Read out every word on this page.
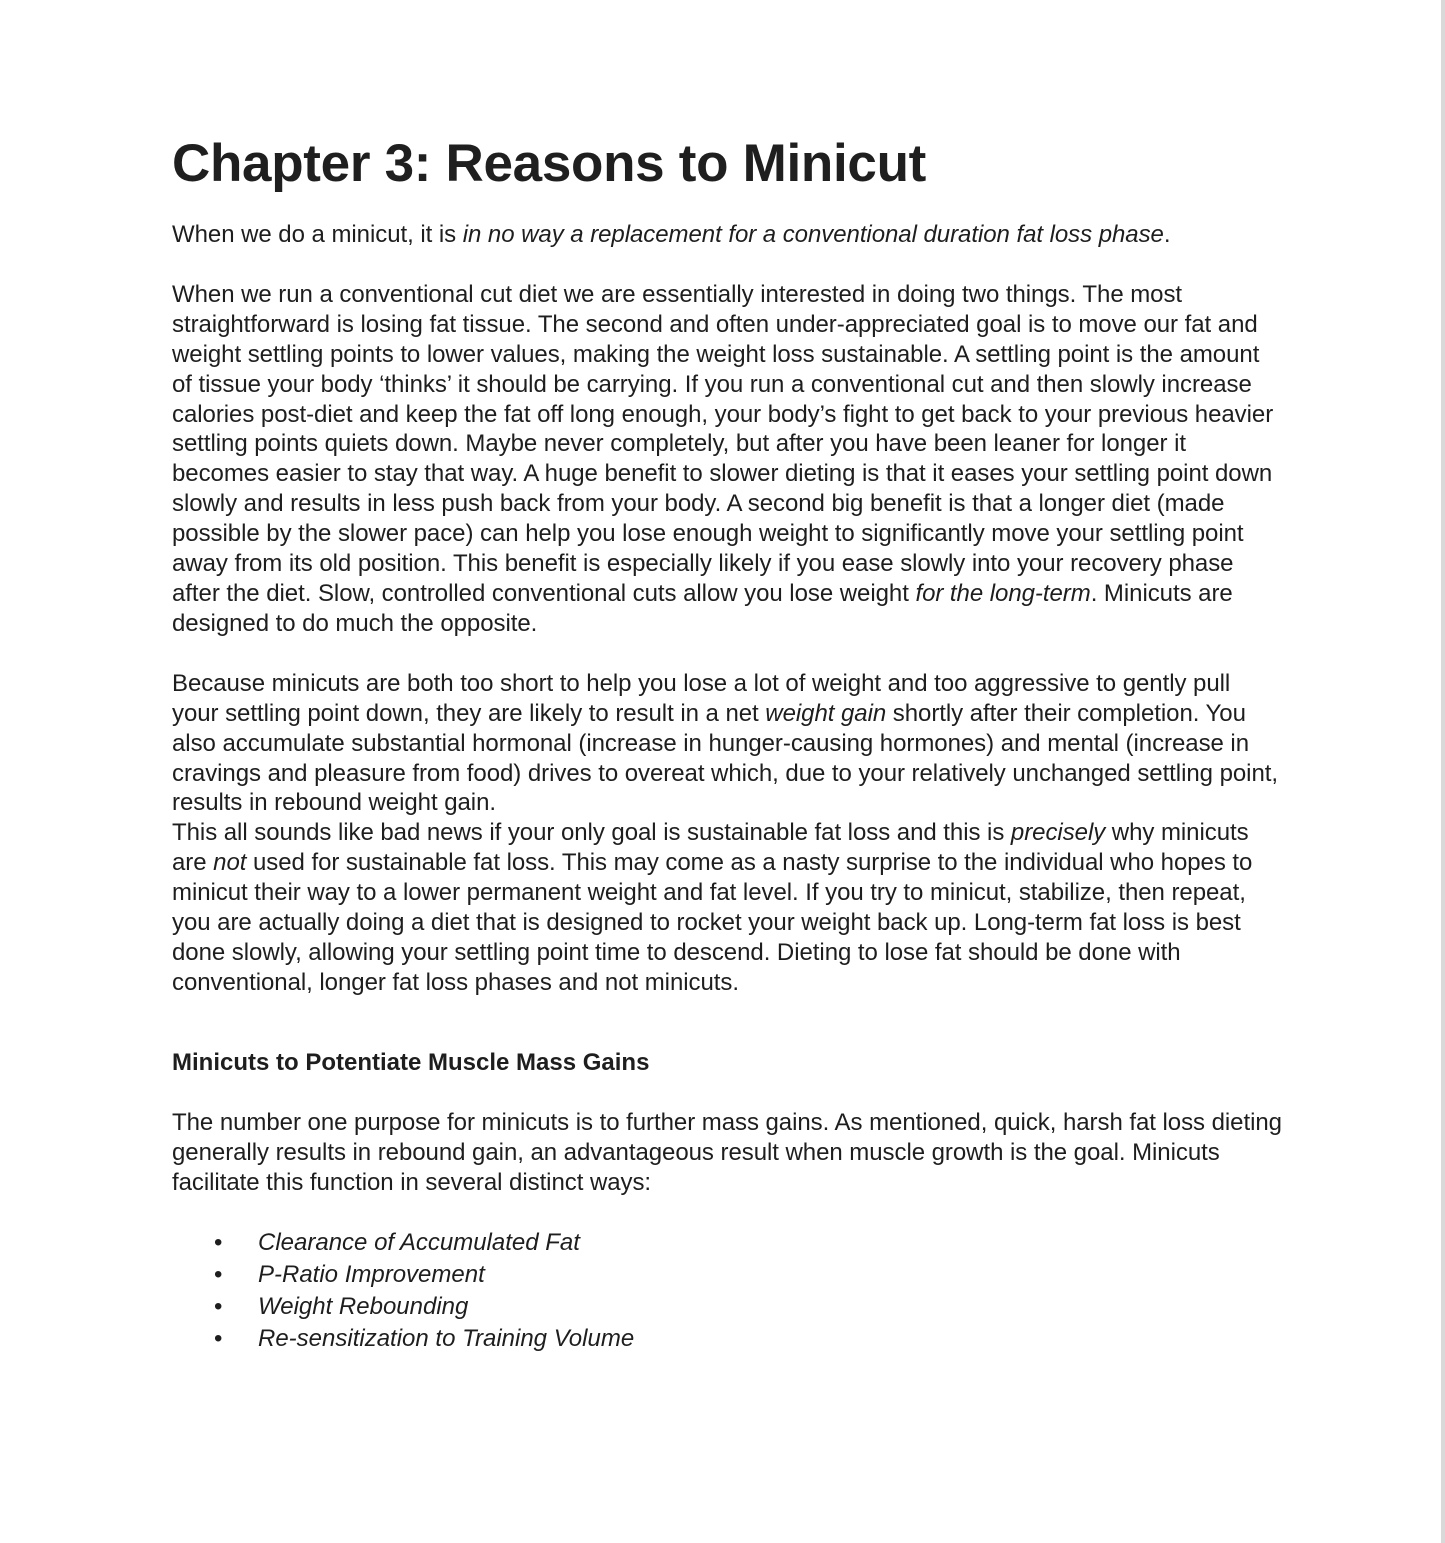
Chapter 3: Reasons to Minicut

When we do a minicut, it is in no way a replacement for a conventional duration fat loss phase.

When we run a conventional cut diet we are essentially interested in doing two things. The most straightforward is losing fat tissue. The second and often under-appreciated goal is to move our fat and weight settling points to lower values, making the weight loss sustainable. A settling point is the amount of tissue your body ‘thinks’ it should be carrying. If you run a conventional cut and then slowly increase calories post-diet and keep the fat off long enough, your body’s fight to get back to your previous heavier settling points quiets down. Maybe never completely, but after you have been leaner for longer it becomes easier to stay that way. A huge benefit to slower dieting is that it eases your settling point down slowly and results in less push back from your body. A second big benefit is that a longer diet (made possible by the slower pace) can help you lose enough weight to significantly move your settling point away from its old position. This benefit is especially likely if you ease slowly into your recovery phase after the diet. Slow, controlled conventional cuts allow you lose weight for the long-term. Minicuts are designed to do much the opposite.

Because minicuts are both too short to help you lose a lot of weight and too aggressive to gently pull your settling point down, they are likely to result in a net weight gain shortly after their completion. You also accumulate substantial hormonal (increase in hunger-causing hormones) and mental (increase in cravings and pleasure from food) drives to overeat which, due to your relatively unchanged settling point, results in rebound weight gain.

This all sounds like bad news if your only goal is sustainable fat loss and this is precisely why minicuts are not used for sustainable fat loss. This may come as a nasty surprise to the individual who hopes to minicut their way to a lower permanent weight and fat level. If you try to minicut, stabilize, then repeat, you are actually doing a diet that is designed to rocket your weight back up. Long-term fat loss is best done slowly, allowing your settling point time to descend. Dieting to lose fat should be done with conventional, longer fat loss phases and not minicuts.

Minicuts to Potentiate Muscle Mass Gains

The number one purpose for minicuts is to further mass gains. As mentioned, quick, harsh fat loss dieting generally results in rebound gain, an advantageous result when muscle growth is the goal. Minicuts facilitate this function in several distinct ways:

• Clearance of Accumulated Fat
• P-Ratio Improvement
• Weight Rebounding
• Re-sensitization to Training Volume
